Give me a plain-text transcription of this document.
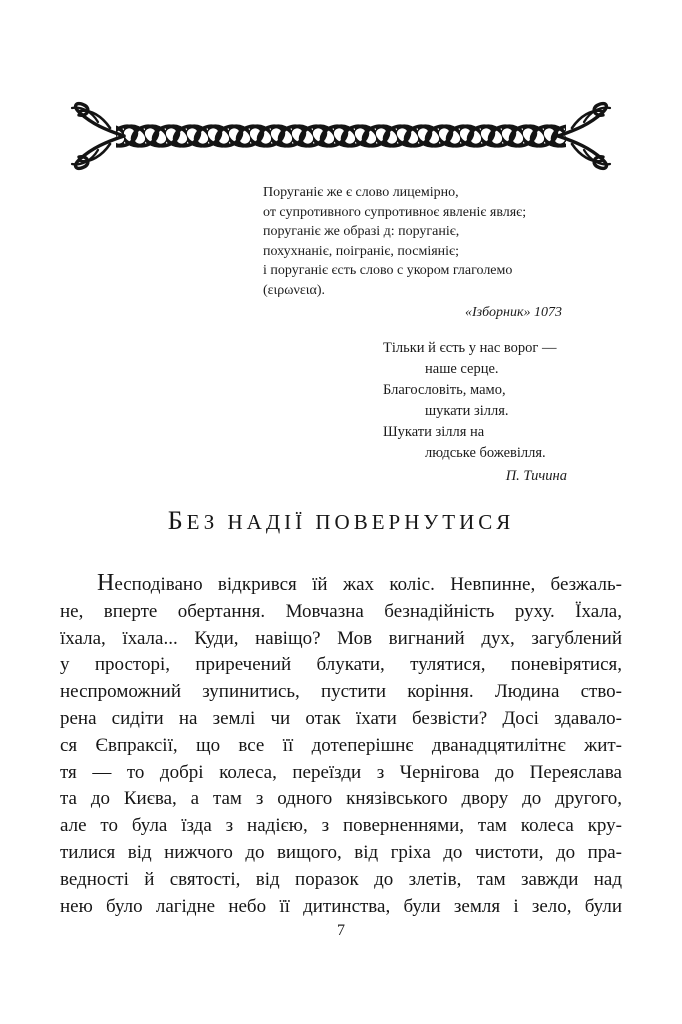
Поруганіє же є слово лицемірно,
от супротивного супротивноє явленіє являє;
поруганіє же образі д: поруганіє,
похухнаніє, поіграніє, посміяніє;
і поруганіє єсть слово с укором глаголемо
(ειρωνεια).
«Ізборник» 1073
Тільки й єсть у нас ворог —
наше серце.
Благословіть, мамо,
шукати зілля.
Шукати зілля на
людське божевілля.
П. Тичина
БЕЗ НАДІЇ ПОВЕРНУТИСЯ
Несподівано відкрився їй жах коліс. Невпинне, безжаль-
не, вперте обертання. Мовчазна безнадійність руху. Їхала,
їхала, їхала... Куди, навіщо? Мов вигнаний дух, загублений
у просторі, приречений блукати, тулятися, поневірятися,
неспроможний зупинитись, пустити коріння. Людина ство-
рена сидіти на землі чи отак їхати безвісти? Досі здавало-
ся Євпраксії, що все її дотеперішнє дванадцятилітнє жит-
тя — то добрі колеса, переїзди з Чернігова до Переяслава
та до Києва, а там з одного князівського двору до другого,
але то була їзда з надією, з поверненнями, там колеса кру-
тилися від нижчого до вищого, від гріха до чистоти, до пра-
ведності й святості, від поразок до злетів, там завжди над
нею було лагідне небо її дитинства, були земля і зело, були
7
